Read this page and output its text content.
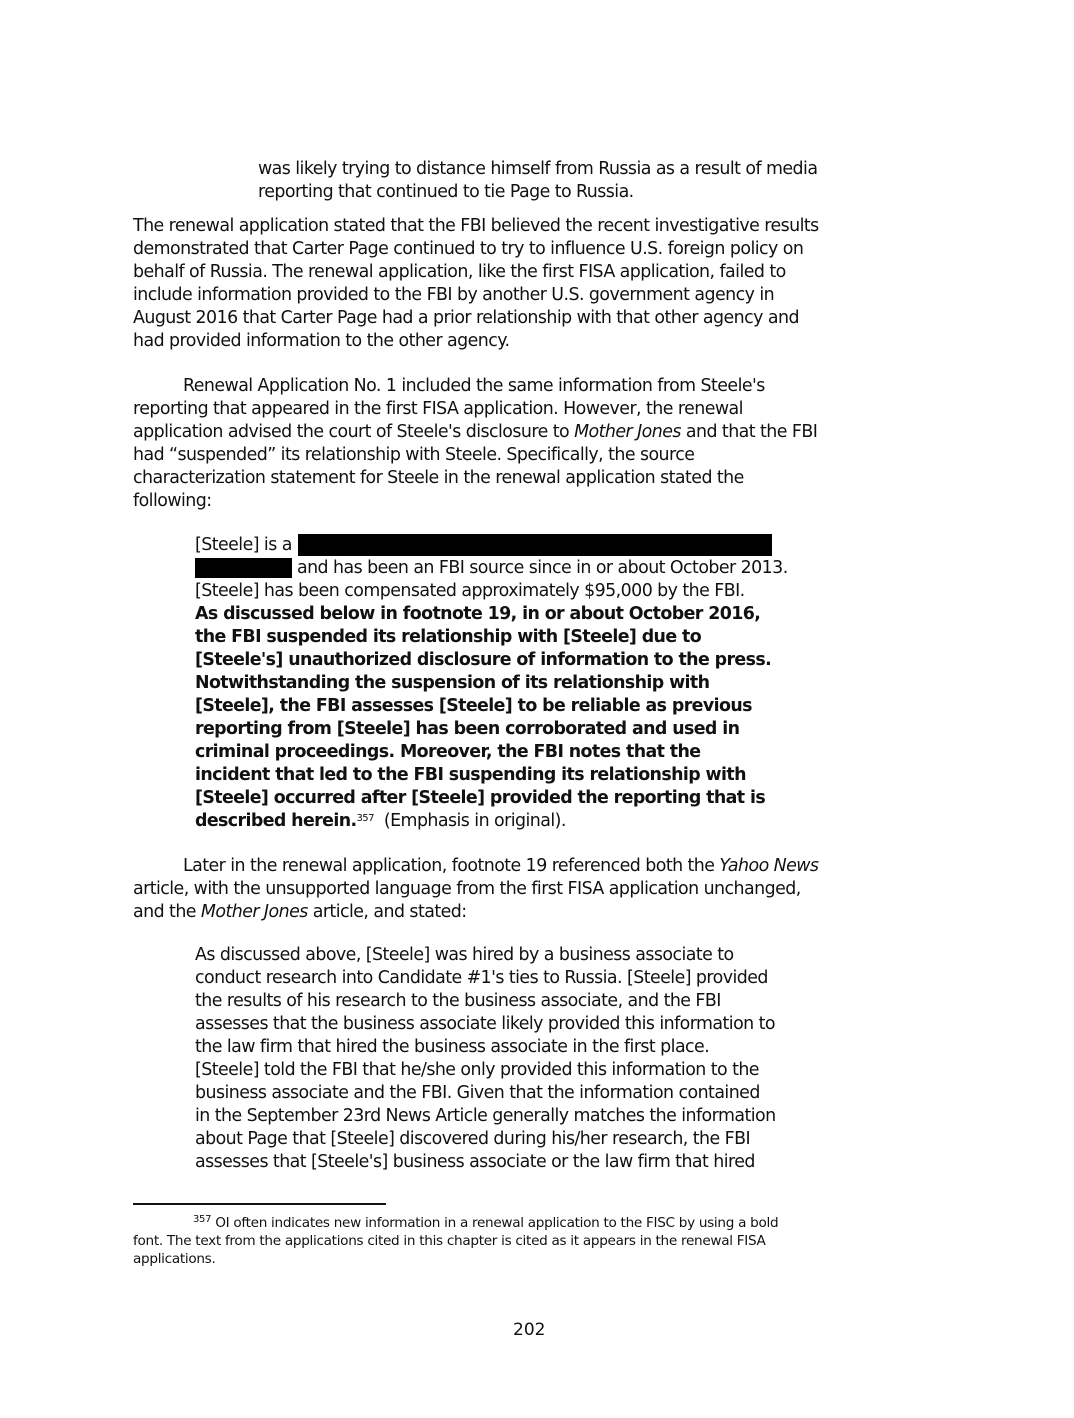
was likely trying to distance himself from Russia as a result of media
reporting that continued to tie Page to Russia.
The renewal application stated that the FBI believed the recent investigative results
demonstrated that Carter Page continued to try to influence U.S. foreign policy on
behalf of Russia. The renewal application, like the first FISA application, failed to
include information provided to the FBI by another U.S. government agency in
August 2016 that Carter Page had a prior relationship with that other agency and
had provided information to the other agency.
Renewal Application No. 1 included the same information from Steele's
reporting that appeared in the first FISA application. However, the renewal
application advised the court of Steele's disclosure to Mother Jones and that the FBI
had “suspended” its relationship with Steele. Specifically, the source
characterization statement for Steele in the renewal application stated the
following:
[Steele] is a
and has been an FBI source since in or about October 2013.
[Steele] has been compensated approximately $95,000 by the FBI.
As discussed below in footnote 19, in or about October 2016,
the FBI suspended its relationship with [Steele] due to
[Steele's] unauthorized disclosure of information to the press.
Notwithstanding the suspension of its relationship with
[Steele], the FBI assesses [Steele] to be reliable as previous
reporting from [Steele] has been corroborated and used in
criminal proceedings. Moreover, the FBI notes that the
incident that led to the FBI suspending its relationship with
[Steele] occurred after [Steele] provided the reporting that is
described herein.$^{357}$  (Emphasis in original).
Later in the renewal application, footnote 19 referenced both the Yahoo News
article, with the unsupported language from the first FISA application unchanged,
and the Mother Jones article, and stated:
As discussed above, [Steele] was hired by a business associate to
conduct research into Candidate #1's ties to Russia. [Steele] provided
the results of his research to the business associate, and the FBI
assesses that the business associate likely provided this information to
the law firm that hired the business associate in the first place.
[Steele] told the FBI that he/she only provided this information to the
business associate and the FBI. Given that the information contained
in the September 23rd News Article generally matches the information
about Page that [Steele] discovered during his/her research, the FBI
assesses that [Steele's] business associate or the law firm that hired
$^{357}$ OI often indicates new information in a renewal application to the FISC by using a bold
font. The text from the applications cited in this chapter is cited as it appears in the renewal FISA
applications.
202
